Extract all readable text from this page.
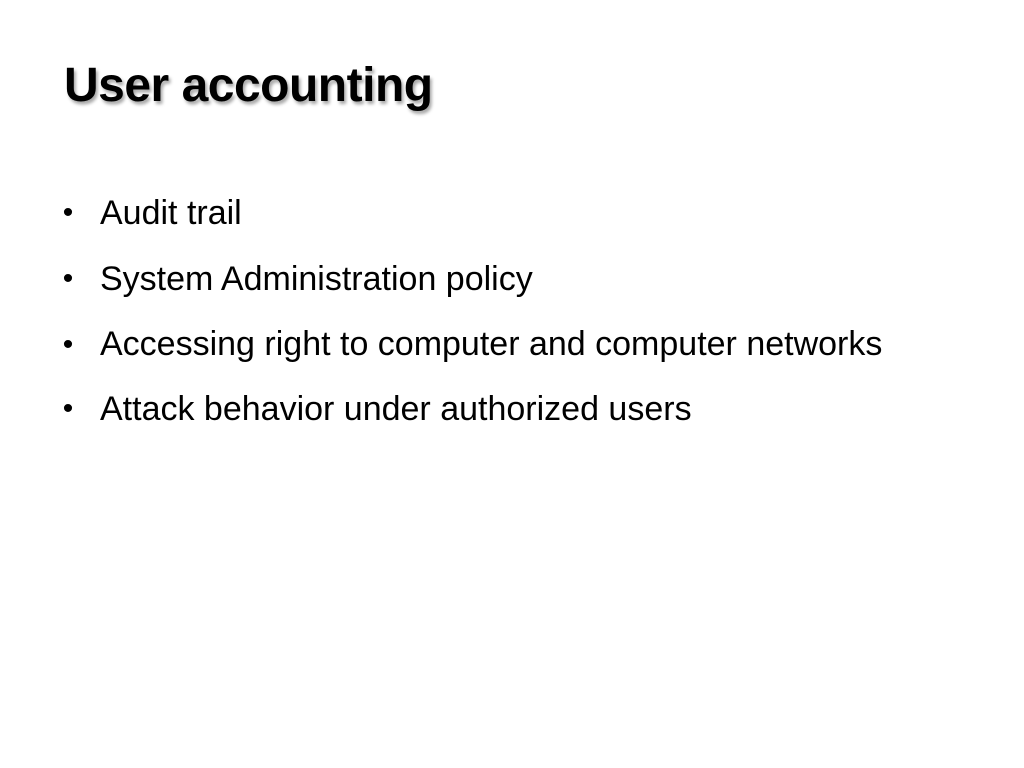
User accounting
• Audit trail
• System Administration policy
• Accessing right to computer and computer networks
• Attack behavior under authorized users
